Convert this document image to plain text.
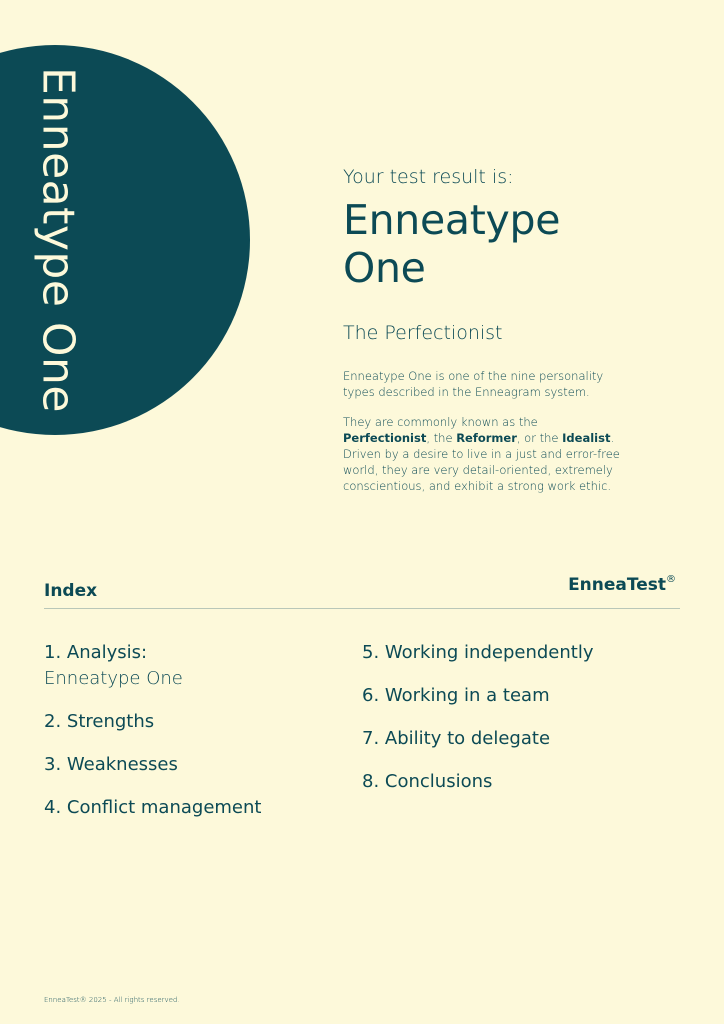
Enneatype One	Your test result is:
Enneatype
One
The Perfectionist

Enneatype One is one of the nine personality types described in the Enneagram system.

They are commonly known as the Perfectionist, the Reformer, or the Idealist. Driven by a desire to live in a just and error-free world, they are very detail-oriented, extremely conscientious, and exhibit a strong work ethic.

Index	EnneaTest®
1. Analysis:
Enneatype One
2. Strengths
3. Weaknesses
4. Conflict management
5. Working independently
6. Working in a team
7. Ability to delegate
8. Conclusions
EnneaTest® 2025 - All rights reserved.
